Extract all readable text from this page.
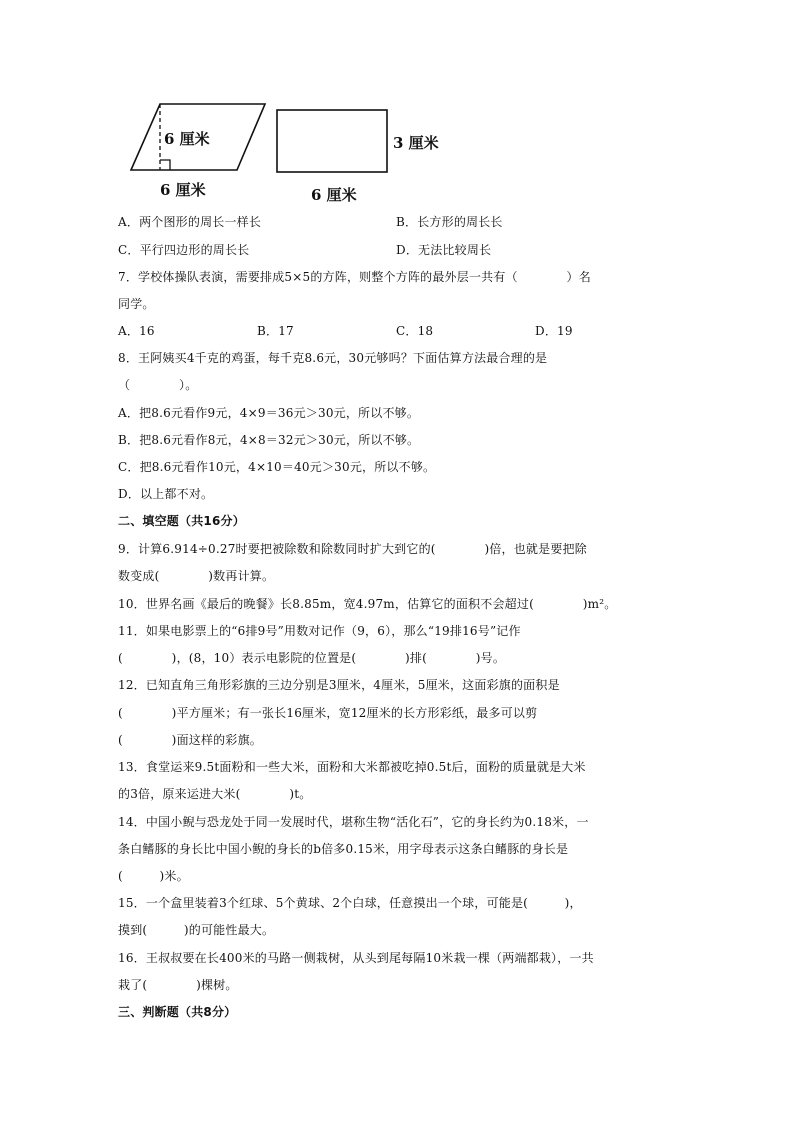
6 厘米
6 厘米
3 厘米
6 厘米
A．两个图形的周长一样长	B．长方形的周长长
C．平行四边形的周长长	D．无法比较周长
7．学校体操队表演，需要排成5×5的方阵，则整个方阵的最外层一共有（　　　　）名
同学。
A．16	B．17	C．18	D．19
8．王阿姨买4千克的鸡蛋，每千克8.6元，30元够吗？下面估算方法最合理的是
（　　　　）。
A．把8.6元看作9元，4×9＝36元＞30元，所以不够。
B．把8.6元看作8元，4×8＝32元＞30元，所以不够。
C．把8.6元看作10元，4×10＝40元＞30元，所以不够。
D．以上都不对。
二、填空题（共16分）
9．计算6.914÷0.27时要把被除数和除数同时扩大到它的(　　　　)倍，也就是要把除
数变成(　　　　)数再计算。
10．世界名画《最后的晚餐》长8.85m，宽4.97m，估算它的面积不会超过(　　　　)m²。
11．如果电影票上的“6排9号”用数对记作（9，6），那么“19排16号”记作
(　　　　)，(8，10）表示电影院的位置是(　　　　)排(　　　　)号。
12．已知直角三角形彩旗的三边分别是3厘米，4厘米，5厘米，这面彩旗的面积是
(　　　　)平方厘米；有一张长16厘米，宽12厘米的长方形彩纸，最多可以剪
(　　　　)面这样的彩旗。
13．食堂运来9.5t面粉和一些大米，面粉和大米都被吃掉0.5t后，面粉的质量就是大米
的3倍，原来运进大米(　　　　)t。
14．中国小鲵与恐龙处于同一发展时代，堪称生物“活化石”，它的身长约为0.18米，一
条白鳍豚的身长比中国小鲵的身长的b倍多0.15米，用字母表示这条白鳍豚的身长是
(　　　)米。
15．一个盒里装着3个红球、5个黄球、2个白球，任意摸出一个球，可能是(　　　)，
摸到(　　　)的可能性最大。
16．王叔叔要在长400米的马路一侧栽树，从头到尾每隔10米栽一棵（两端都栽），一共
栽了(　　　　)棵树。
三、判断题（共8分）
